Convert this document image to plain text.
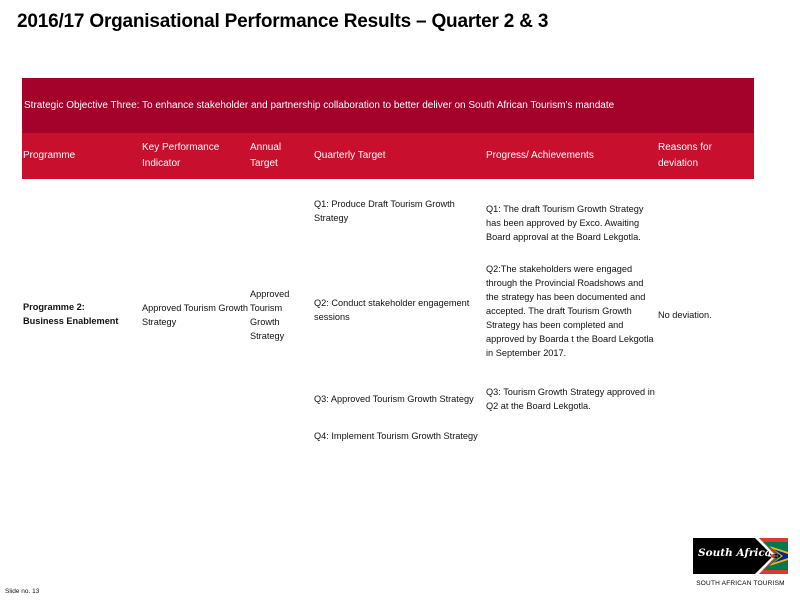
2016/17 Organisational Performance Results – Quarter 2 & 3
Strategic Objective Three: To enhance stakeholder and partnership collaboration to better deliver on South African Tourism’s mandate
Programme
Key Performance
Indicator
Annual
Target
Quarterly Target	Progress/ Achievements
Reasons for
deviation
Programme 2:
Business Enablement
Approved Tourism Growth
Strategy
Approved
Tourism
Growth
Strategy
Q1: Produce Draft Tourism Growth
Strategy
Q2: Conduct stakeholder engagement
sessions
Q3: Approved Tourism Growth Strategy
Q4: Implement Tourism Growth Strategy
Q1: The draft Tourism Growth Strategy
has been approved by Exco. Awaiting
Board approval at the Board Lekgotla.
Q2:The stakeholders were engaged
through the Provincial Roadshows and
the strategy has been documented and
accepted. The draft Tourism Growth
Strategy has been completed and
approved by Boarda t the Board Lekgotla
in September 2017.
Q3: Tourism Growth Strategy approved in
Q2 at the Board Lekgotla.
No deviation.
Slide no. 13
South Africa
SOUTH AFRICAN TOURISM
